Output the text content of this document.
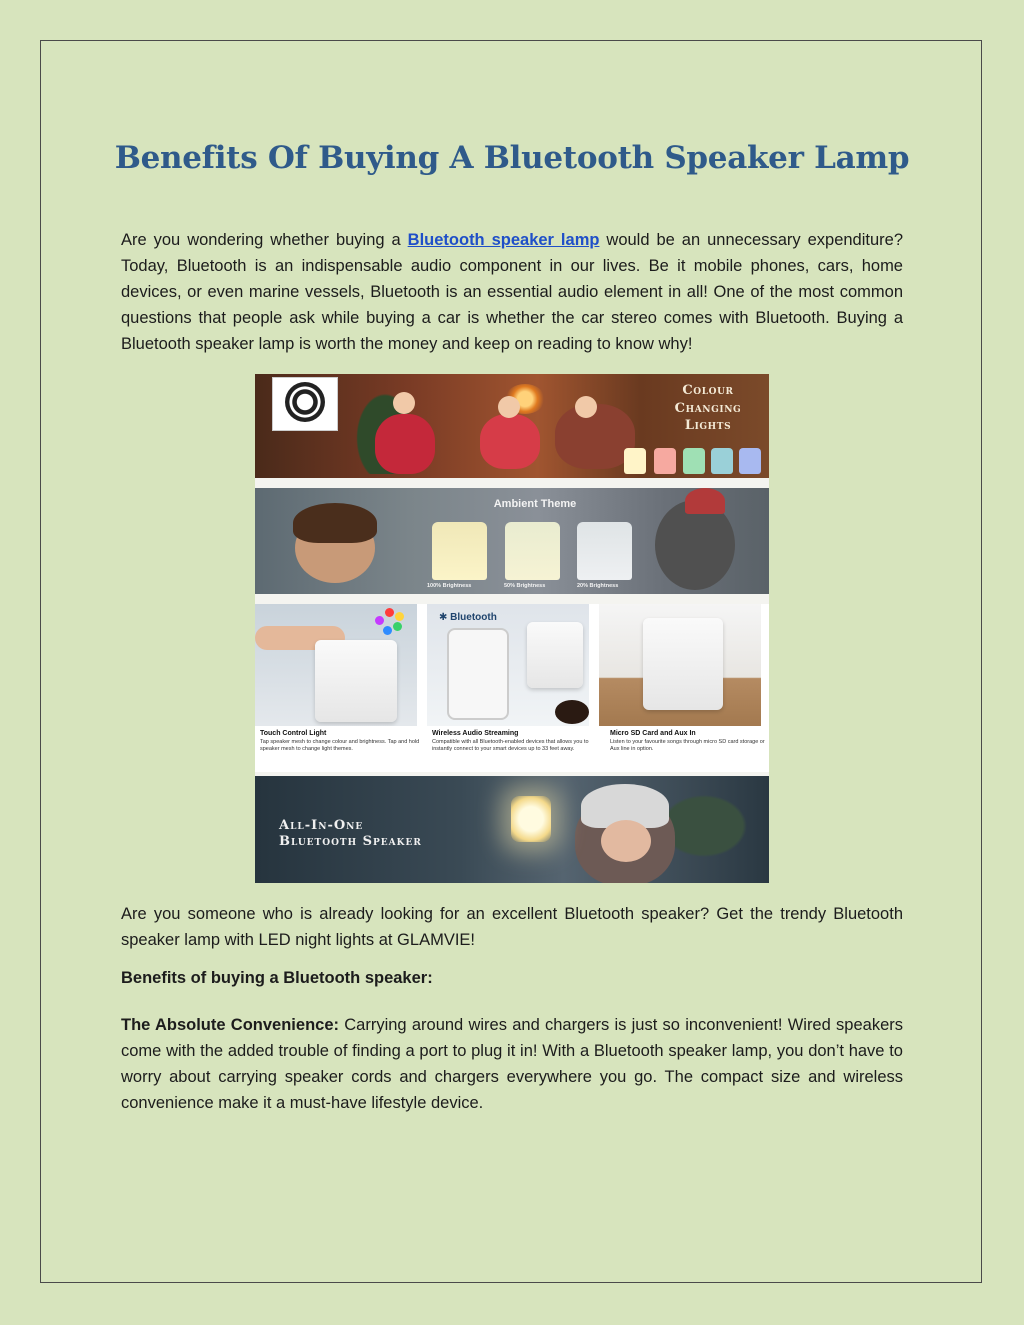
Benefits Of Buying A Bluetooth Speaker Lamp

Are you wondering whether buying a Bluetooth speaker lamp would be an unnecessary expenditure? Today, Bluetooth is an indispensable audio component in our lives. Be it mobile phones, cars, home devices, or even marine vessels, Bluetooth is an essential audio element in all! One of the most common questions that people ask while buying a car is whether the car stereo comes with Bluetooth. Buying a Bluetooth speaker lamp is worth the money and keep on reading to know why!

Colour
Changing
Lights

Ambient Theme

100% Brightness	50% Brightness	20% Brightness

✱ Bluetooth

Touch Control Light

Tap speaker mesh to change colour and brightness. Tap and hold speaker mesh to change light themes.

Wireless Audio Streaming

Compatible with all Bluetooth-enabled devices that allows you to instantly connect to your smart devices up to 33 feet away.

Micro SD Card and Aux In

Listen to your favourite songs through micro SD card storage or Aux line in option.

All-In-One
Bluetooth Speaker

Are you someone who is already looking for an excellent Bluetooth speaker? Get the trendy Bluetooth speaker lamp with LED night lights at GLAMVIE!

Benefits of buying a Bluetooth speaker:

The Absolute Convenience: Carrying around wires and chargers is just so inconvenient! Wired speakers come with the added trouble of finding a port to plug it in! With a Bluetooth speaker lamp, you don’t have to worry about carrying speaker cords and chargers everywhere you go. The compact size and wireless convenience make it a must-have lifestyle device.
